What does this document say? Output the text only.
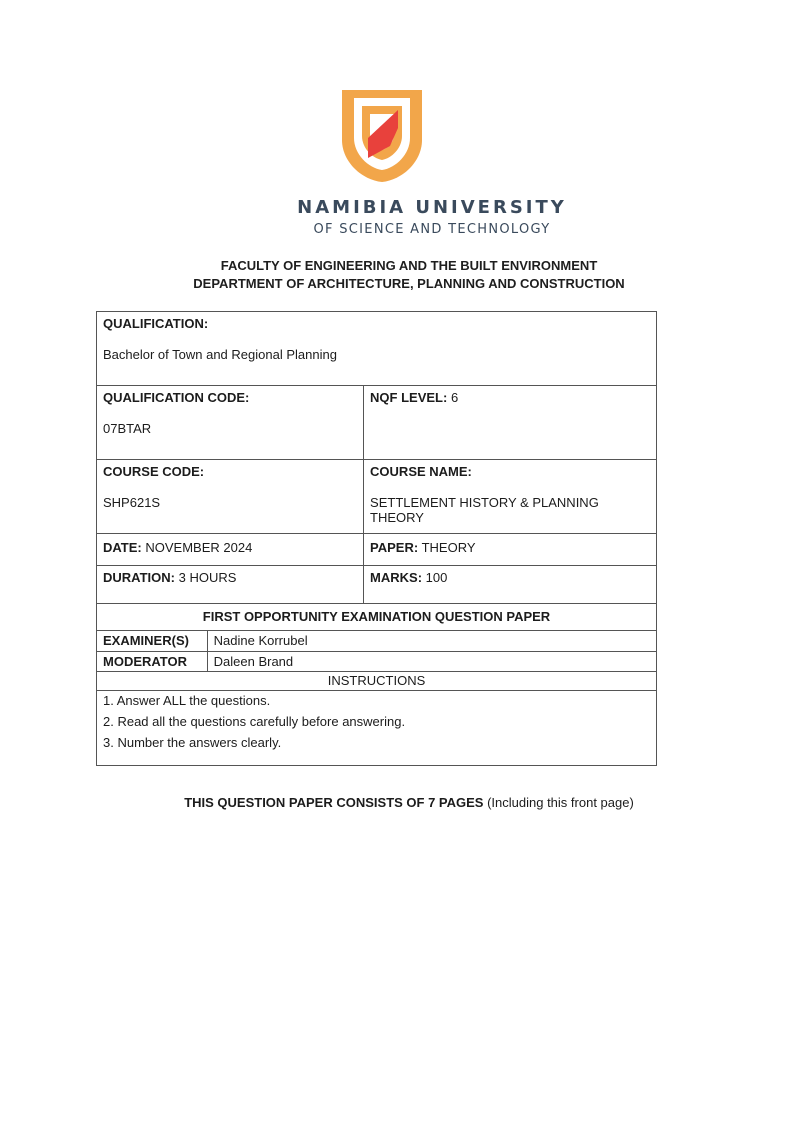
NAMIBIA UNIVERSITY
OF SCIENCE AND TECHNOLOGY
FACULTY OF ENGINEERING AND THE BUILT ENVIRONMENT
DEPARTMENT OF ARCHITECTURE, PLANNING AND CONSTRUCTION
QUALIFICATION:
Bachelor of Town and Regional Planning
QUALIFICATION CODE:
07BTAR
NQF LEVEL: 6
COURSE CODE:
SHP621S
COURSE NAME:
SETTLEMENT HISTORY & PLANNING THEORY
DATE: NOVEMBER 2024	PAPER: THEORY
DURATION: 3 HOURS	MARKS: 100
FIRST OPPORTUNITY EXAMINATION QUESTION PAPER
EXAMINER(S)	Nadine Korrubel
MODERATOR	Daleen Brand
INSTRUCTIONS
1. Answer ALL the questions.
2. Read all the questions carefully before answering.
3. Number the answers clearly.
THIS QUESTION PAPER CONSISTS OF 7 PAGES (Including this front page)
